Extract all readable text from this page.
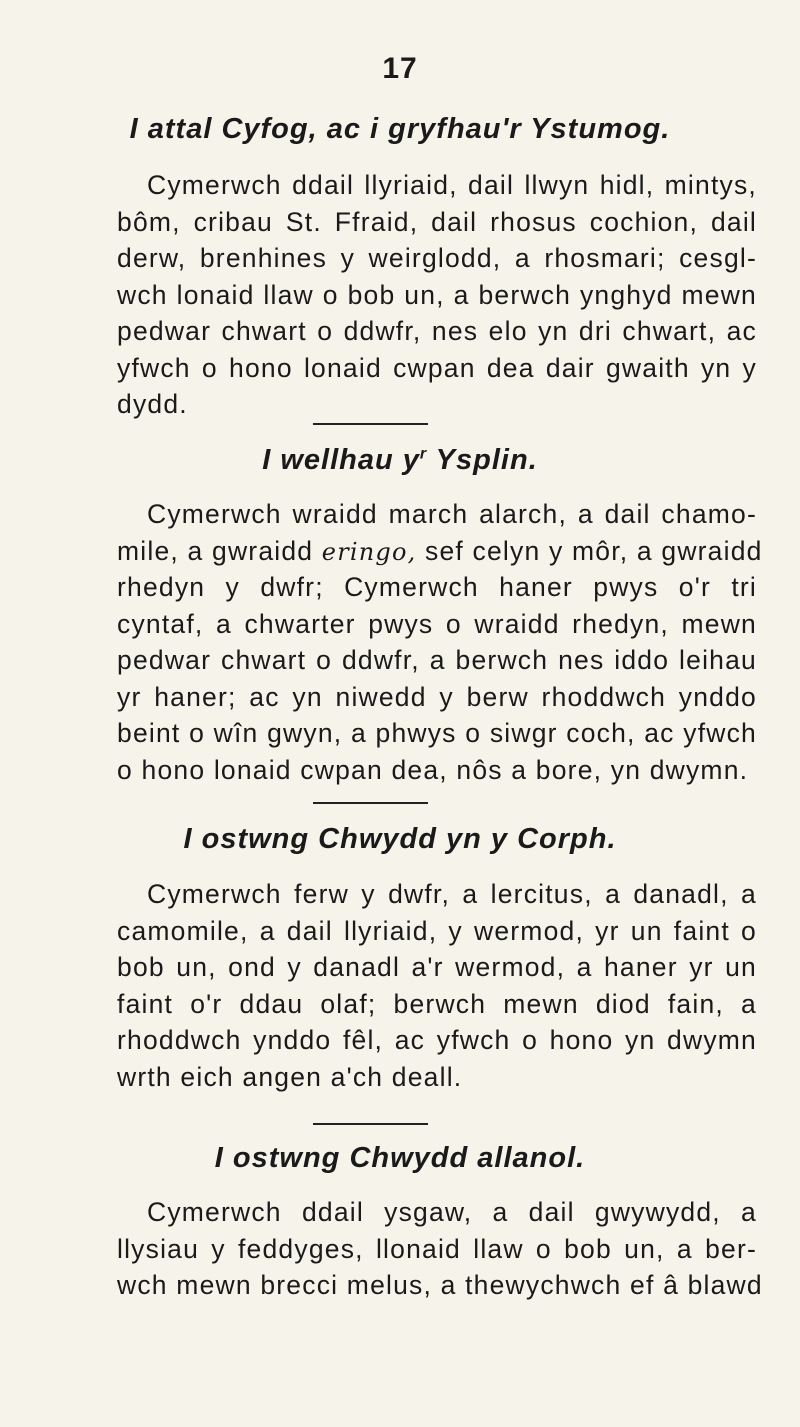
17
I attal Cyfog, ac i gryfhau'r Ystumog.
Cymerwch ddail llyriaid, dail llwyn hidl, mintys,
bôm, cribau St. Ffraid, dail rhosus cochion, dail
derw, brenhines y weirglodd, a rhosmari; cesgl-
wch lonaid llaw o bob un, a berwch ynghyd mewn
pedwar chwart o ddwfr, nes elo yn dri chwart, ac
yfwch o hono lonaid cwpan dea dair gwaith yn y
dydd.
I wellhau $y^r$ Ysplin.
Cymerwch wraidd march alarch, a dail chamo-
mile, a gwraidd eringo, sef celyn y môr, a gwraidd
rhedyn y dwfr; Cymerwch haner pwys o'r tri
cyntaf, a chwarter pwys o wraidd rhedyn, mewn
pedwar chwart o ddwfr, a berwch nes iddo leihau
yr haner; ac yn niwedd y berw rhoddwch ynddo
beint o wîn gwyn, a phwys o siwgr coch, ac yfwch
o hono lonaid cwpan dea, nôs a bore, yn dwymn.
I ostwng Chwydd yn y Corph.
Cymerwch ferw y dwfr, a lercitus, a danadl, a
camomile, a dail llyriaid, y wermod, yr un faint o
bob un, ond y danadl a'r wermod, a haner yr un
faint o'r ddau olaf; berwch mewn diod fain, a
rhoddwch ynddo fêl, ac yfwch o hono yn dwymn
wrth eich angen a'ch deall.
I ostwng Chwydd allanol.
Cymerwch ddail ysgaw, a dail gwywydd, a
llysiau y feddyges, llonaid llaw o bob un, a ber-
wch mewn brecci melus, a thewychwch ef â blawd
